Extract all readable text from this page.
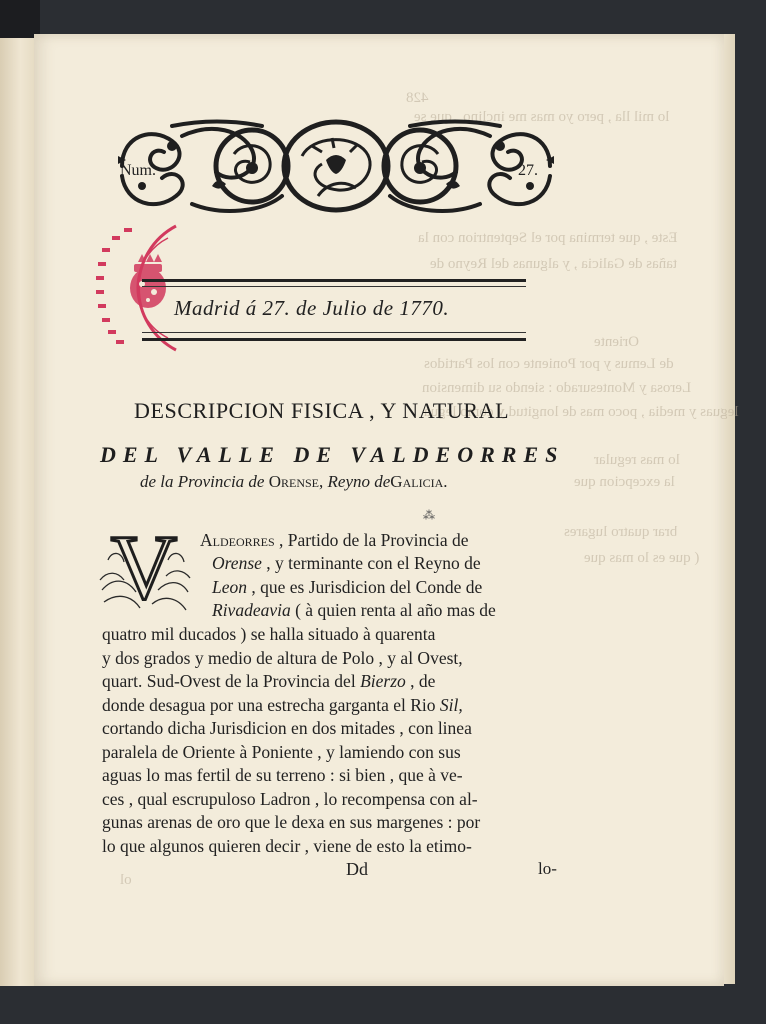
428
lo mil lla , pero yo mas me inclino , que se
Este , que termina por el Septentrion con la
tañas de Galicia , y algunas del Reyno de
Oriente
de Lemus y por Poniente con los Partidos
Lerosa y Montesurado : siendo su dimension
leguas y media , poco mas de longitud y como legua
lo mas regular
la excepcion que
brar quatro lugares
( que es lo mas que
ol
Num.	27.
Madrid á 27. de Julio de 1770.
DESCRIPCION FISICA , Y NATURAL
DEL VALLE DE VALDEORRES
de la Provincia de Orense, Reyno deGalicia.
⁂
V Aldeorres , Partido de la Provincia de
Orense , y terminante con el Reyno de
Leon , que es Jurisdicion del Conde de
Rivadeavia ( à quien renta al año mas de
quatro mil ducados ) se halla situado à quarenta
y dos grados y medio de altura de Polo , y al Ovest,
quart. Sud-Ovest de la Provincia del Bierzo , de
donde desagua por una estrecha garganta el Rio Sil,
cortando dicha Jurisdicion en dos mitades , con linea
paralela de Oriente à Poniente , y lamiendo con sus
aguas lo mas fertil de su terreno : si bien , que à ve-
ces , qual escrupuloso Ladron , lo recompensa con al-
gunas arenas de oro que le dexa en sus margenes : por
lo que algunos quieren decir , viene de esto la etimo-
Dd	lo-
